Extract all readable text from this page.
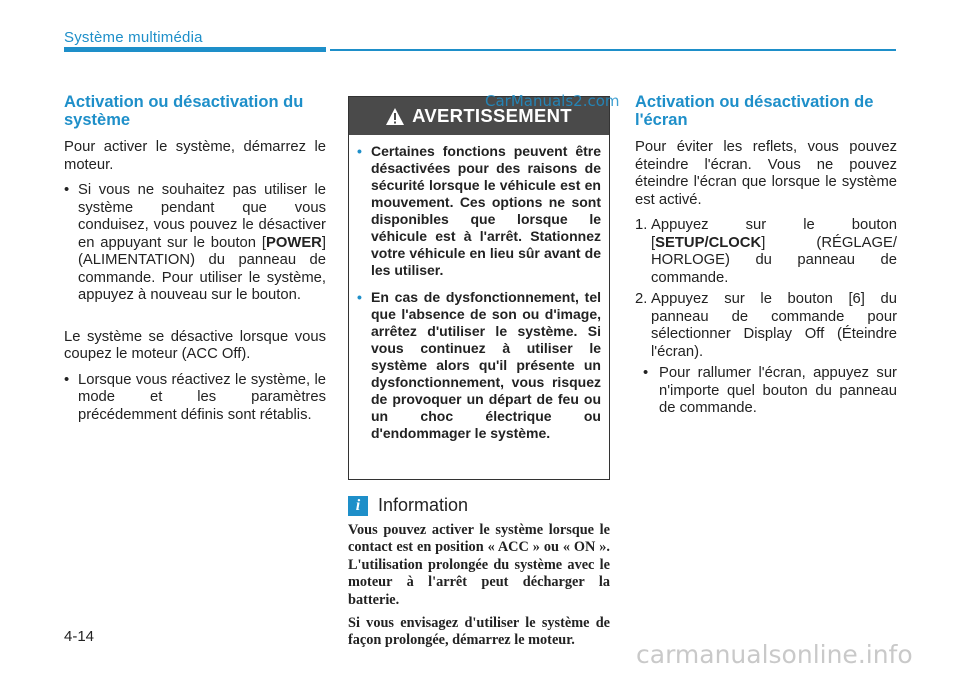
Système multimédia
Activation ou désactivation du système

Pour activer le système, démarrez le moteur.

• Si vous ne souhaitez pas utiliser le système pendant que vous conduisez, vous pouvez le désactiver en appuyant sur le bouton [POWER] (ALIMENTATION) du panneau de commande. Pour utiliser le système, appuyez à nouveau sur le bouton.

Le système se désactive lorsque vous coupez le moteur (ACC Off).

• Lorsque vous réactivez le système, le mode et les paramètres précédemment définis sont rétablis.

AVERTISSEMENT
• Certaines fonctions peuvent être désactivées pour des raisons de sécurité lorsque le véhicule est en mouvement. Ces options ne sont disponibles que lorsque le véhicule est à l'arrêt. Stationnez votre véhicule en lieu sûr avant de les utiliser.
• En cas de dysfonctionnement, tel que l'absence de son ou d'image, arrêtez d'utiliser le système. Si vous continuez à utiliser le système alors qu'il présente un dysfonctionnement, vous risquez de provoquer un départ de feu ou un choc électrique ou d'endommager le système.
CarManuals2.com
i Information

Vous pouvez activer le système lorsque le contact est en position « ACC » ou « ON ». L'utilisation prolongée du système avec le moteur à l'arrêt peut décharger la batterie.

Si vous envisagez d'utiliser le système de façon prolongée, démarrez le moteur.

Activation ou désactivation de l'écran

Pour éviter les reflets, vous pouvez éteindre l'écran. Vous ne pouvez éteindre l'écran que lorsque le système est activé.

1. Appuyez sur le bouton [SETUP/CLOCK] (RÉGLAGE/ HORLOGE) du panneau de commande.

2. Appuyez sur le bouton [6] du panneau de commande pour sélectionner Display Off (Éteindre l'écran).

• Pour rallumer l'écran, appuyez sur n'importe quel bouton du panneau de commande.

4-14
carmanualsonline.info
